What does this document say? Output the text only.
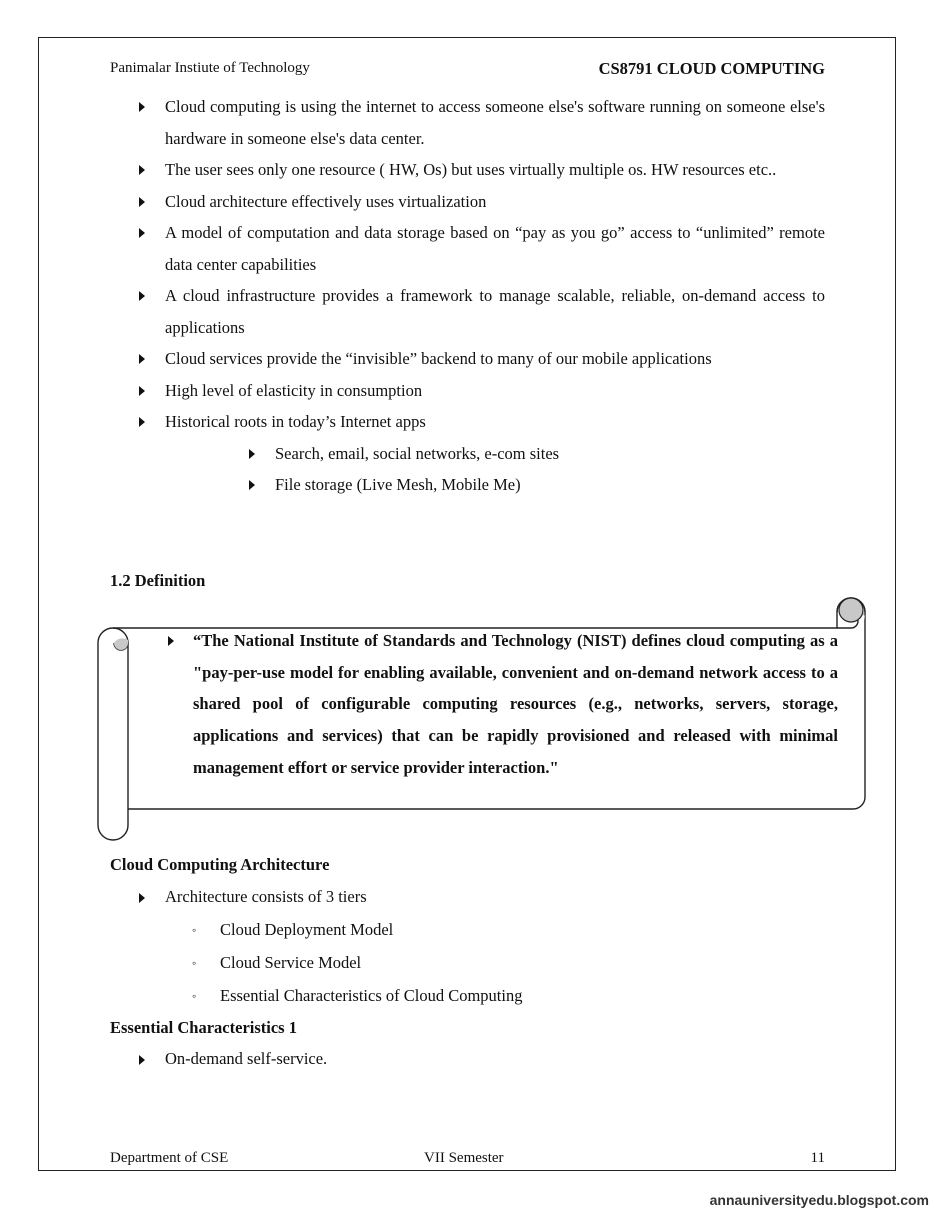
Panimalar Instiute of Technology	CS8791 CLOUD COMPUTING
Cloud computing is using the internet to access someone else's software running on someone else's hardware in someone else's data center.
The user sees only one resource ( HW, Os) but uses virtually multiple os. HW resources etc..
Cloud architecture effectively uses virtualization
A model of computation and data storage based on “pay as you go” access to “unlimited” remote data center capabilities
A cloud infrastructure provides a framework to manage scalable, reliable, on-demand access to applications
Cloud services provide the “invisible” backend to many of our mobile applications
High level of elasticity in consumption
Historical roots in today’s Internet apps
Search, email, social networks, e-com sites
File storage (Live Mesh, Mobile Me)
1.2 Definition
“The National Institute of Standards and Technology (NIST) defines cloud computing as a "pay-per-use model for enabling available, convenient and on-demand network access to a shared pool of configurable computing resources (e.g., networks, servers, storage, applications and services) that can be rapidly provisioned and released with minimal management effort or service provider interaction."
Cloud Computing Architecture
Architecture consists of 3 tiers
◦ Cloud Deployment Model
◦ Cloud Service Model
◦ Essential Characteristics of Cloud Computing
Essential Characteristics 1
On-demand self-service.
Department of CSE	VII Semester	11
annauniversityedu.blogspot.com
